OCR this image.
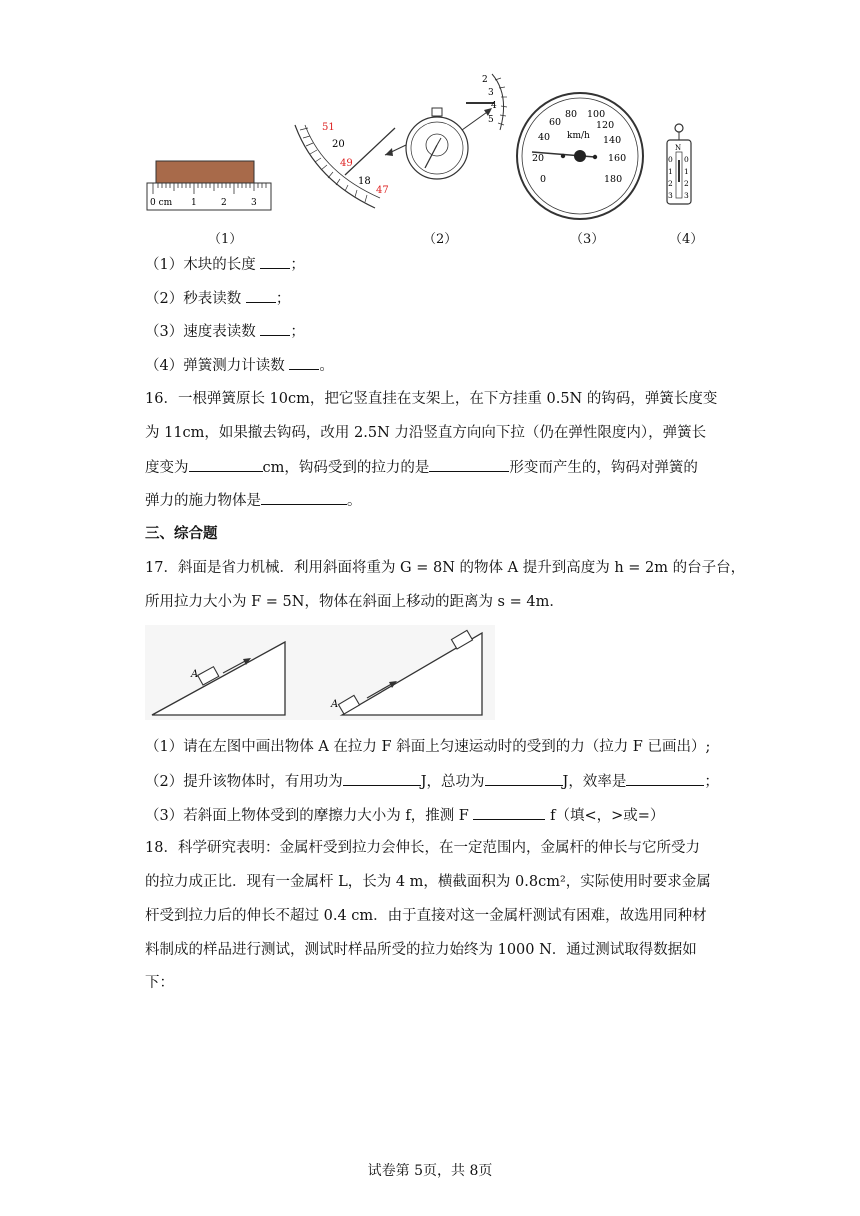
0 cm 1	2	3
51
20
49
18
47
2
3
4
5
0
20
40
60
80 100
120
140
160
180
km/h
N
0
1
2
3
0
1
2
3
（1）	（2）	（3）	（4）
（1）木块的长度 ；
（2）秒表读数 ；
（3）速度表读数 ；
（4）弹簧测力计读数 。
16．一根弹簧原长 10cm，把它竖直挂在支架上，在下方挂重 0.5N 的钩码，弹簧长度变
为 11cm，如果撤去钩码，改用 2.5N 力沿竖直方向向下拉（仍在弹性限度内），弹簧长
度变为	cm，钩码受到的拉力的是	形变而产生的，钩码对弹簧的
弹力的施力物体是	。
三、综合题
17．斜面是省力机械．利用斜面将重为 G = 8N 的物体 A 提升到高度为 h = 2m 的台子台，
所用拉力大小为 F = 5N，物体在斜面上移动的距离为 s = 4m．
A
A
（1）请在左图中画出物体 A 在拉力 F 斜面上匀速运动时的受到的力（拉力 F 已画出）;
（2）提升该物体时，有用功为	J，总功为	J，效率是	；
（3）若斜面上物体受到的摩擦力大小为 f，推测 F	f（填<，>或=）
18．科学研究表明：金属杆受到拉力会伸长，在一定范围内，金属杆的伸长与它所受力
的拉力成正比．现有一金属杆 L，长为 4 m，横截面积为 0.8cm²，实际使用时要求金属
杆受到拉力后的伸长不超过 0.4 cm．由于直接对这一金属杆测试有困难，故选用同种材
料制成的样品进行测试，测试时样品所受的拉力始终为 1000 N．通过测试取得数据如
下：
试卷第 5页，共 8页
